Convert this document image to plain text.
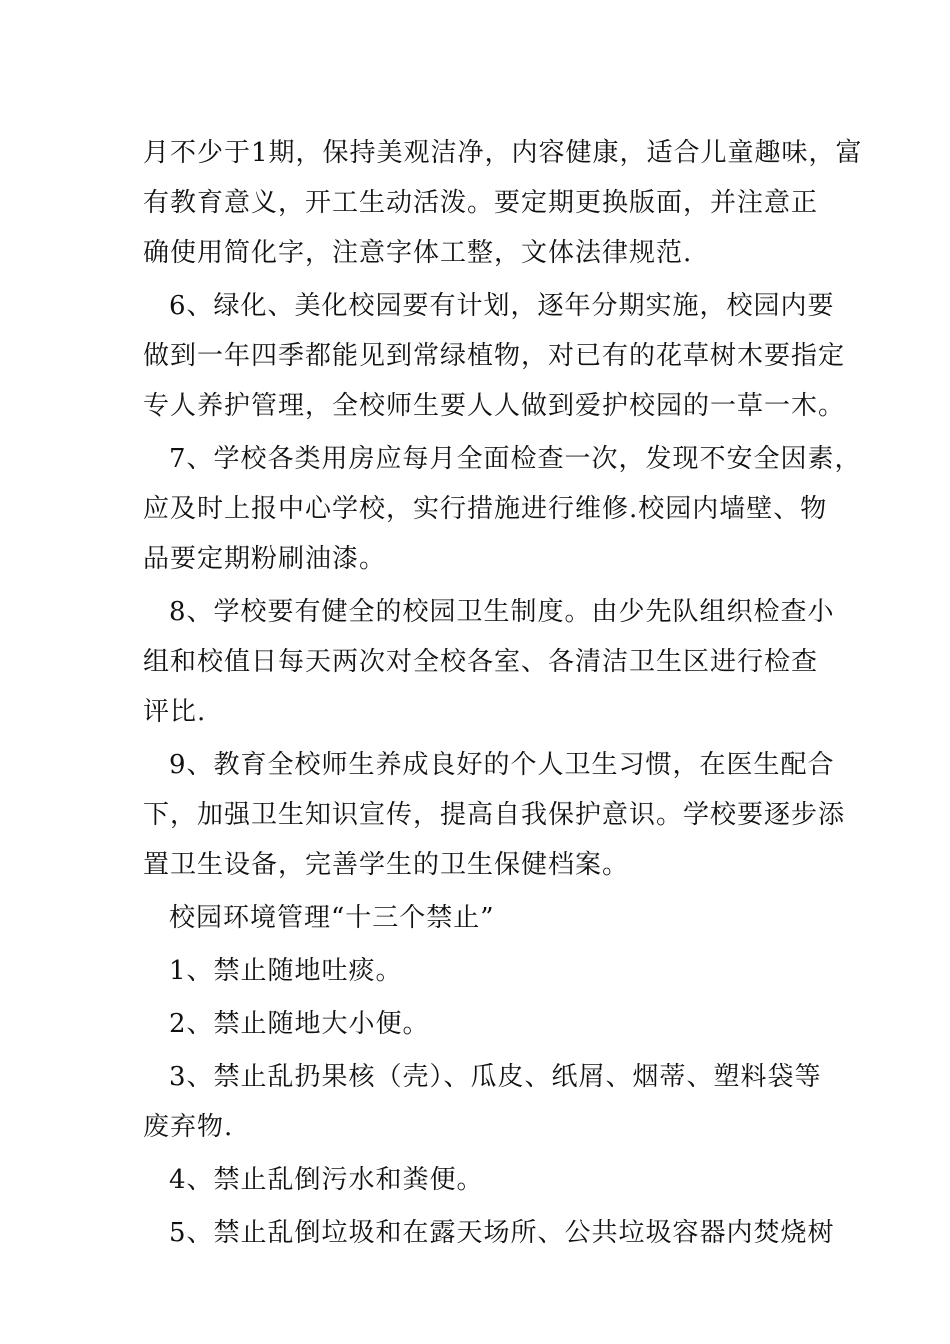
月不少于1期，保持美观洁净，内容健康，适合儿童趣味，富
有教育意义，开工生动活泼。要定期更换版面，并注意正
确使用简化字，注意字体工整，文体法律规范.

6、绿化、美化校园要有计划，逐年分期实施，校园内要
做到一年四季都能见到常绿植物，对已有的花草树木要指定
专人养护管理，全校师生要人人做到爱护校园的一草一木。

7、学校各类用房应每月全面检查一次，发现不安全因素，
应及时上报中心学校，实行措施进行维修.校园内墙壁、物
品要定期粉刷油漆。

8、学校要有健全的校园卫生制度。由少先队组织检查小
组和校值日每天两次对全校各室、各清洁卫生区进行检查
评比.

9、教育全校师生养成良好的个人卫生习惯，在医生配合
下，加强卫生知识宣传，提高自我保护意识。学校要逐步添
置卫生设备，完善学生的卫生保健档案。

校园环境管理“十三个禁止”

1、禁止随地吐痰。

2、禁止随地大小便。

3、禁止乱扔果核（壳）、瓜皮、纸屑、烟蒂、塑料袋等
废弃物.

4、禁止乱倒污水和粪便。

5、禁止乱倒垃圾和在露天场所、公共垃圾容器内焚烧树
